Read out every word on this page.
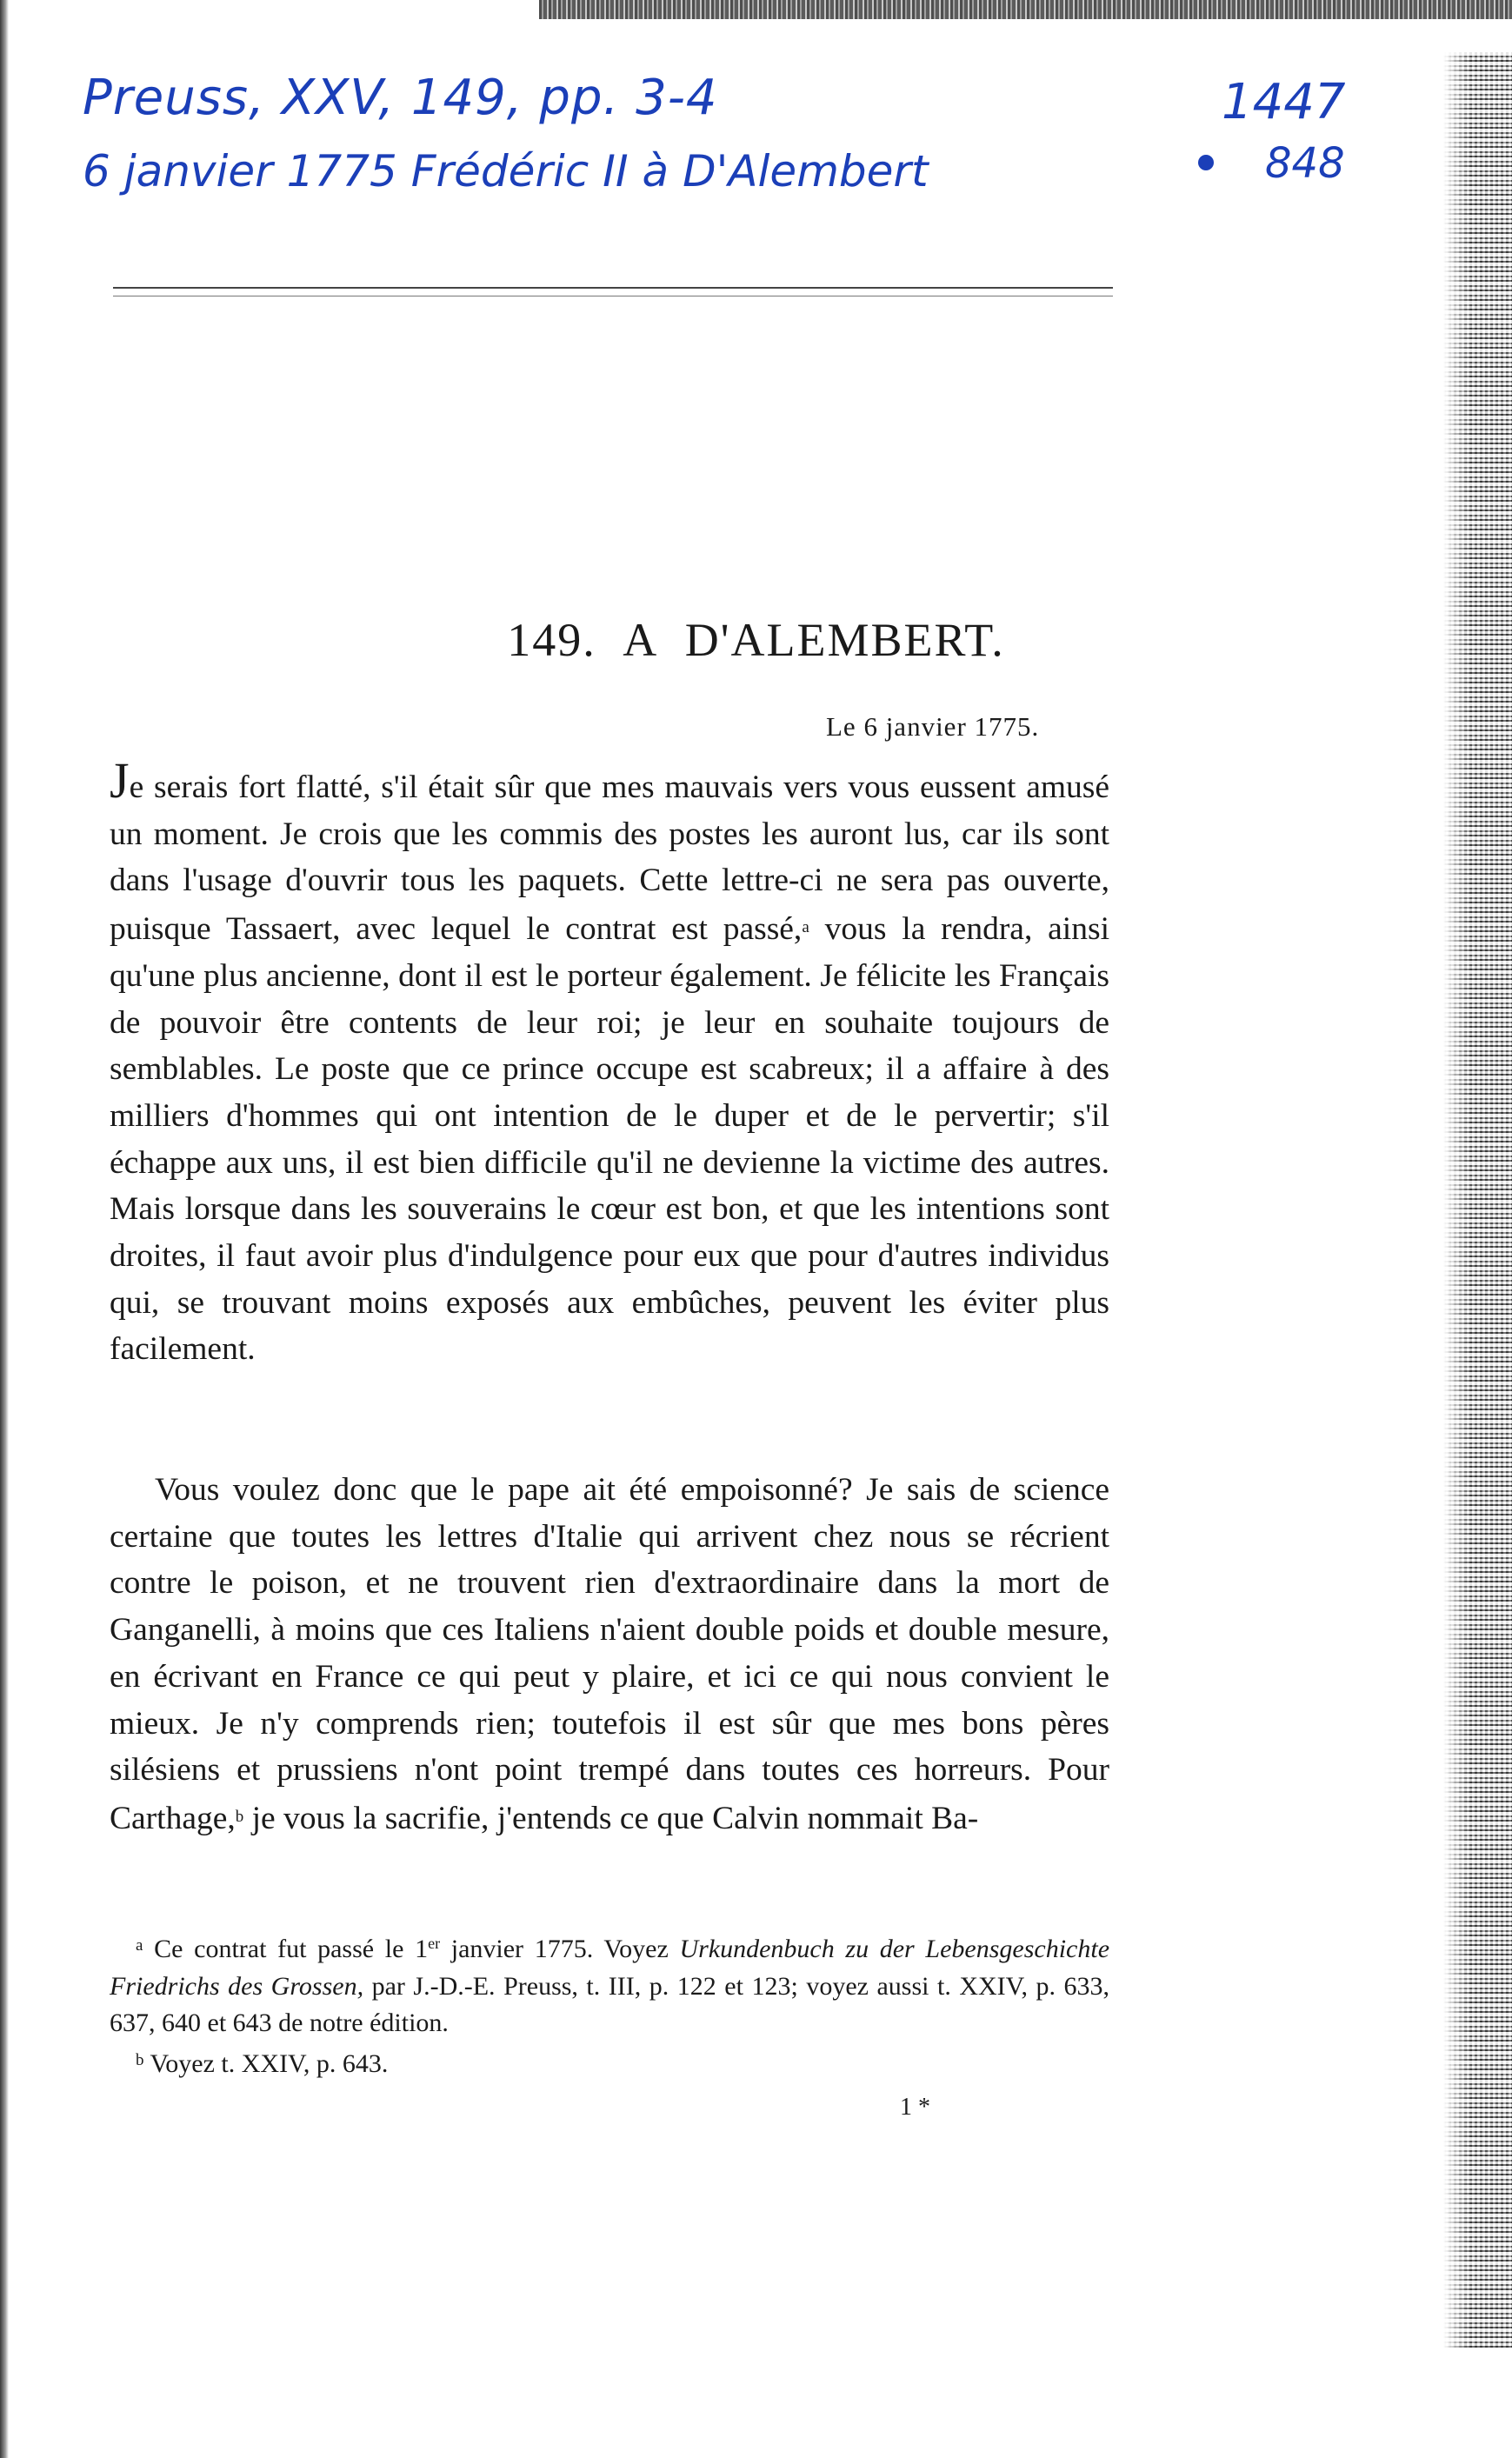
Preuss, XXV, 149, pp. 3-4
6 janvier 1775 Frédéric II à D'Alembert
1447
848
149. A D'ALEMBERT.
Le 6 janvier 1775.
Je serais fort flatté, s'il était sûr que mes mauvais vers vous eussent amusé un moment. Je crois que les commis des postes les auront lus, car ils sont dans l'usage d'ouvrir tous les paquets. Cette lettre-ci ne sera pas ouverte, puisque Tassaert, avec lequel le contrat est passé,$^a$ vous la rendra, ainsi qu'une plus ancienne, dont il est le porteur également. Je félicite les Français de pouvoir être contents de leur roi; je leur en souhaite toujours de semblables. Le poste que ce prince occupe est scabreux; il a affaire à des milliers d'hommes qui ont intention de le duper et de le pervertir; s'il échappe aux uns, il est bien difficile qu'il ne devienne la victime des autres. Mais lorsque dans les souverains le cœur est bon, et que les intentions sont droites, il faut avoir plus d'indulgence pour eux que pour d'autres individus qui, se trouvant moins exposés aux embûches, peuvent les éviter plus facilement.
Vous voulez donc que le pape ait été empoisonné? Je sais de science certaine que toutes les lettres d'Italie qui arrivent chez nous se récrient contre le poison, et ne trouvent rien d'extraordinaire dans la mort de Ganganelli, à moins que ces Italiens n'aient double poids et double mesure, en écrivant en France ce qui peut y plaire, et ici ce qui nous convient le mieux. Je n'y comprends rien; toutefois il est sûr que mes bons pères silésiens et prussiens n'ont point trempé dans toutes ces horreurs. Pour Carthage,$^b$ je vous la sacrifie, j'entends ce que Calvin nommait Ba-

$^a$ Ce contrat fut passé le 1er janvier 1775. Voyez Urkundenbuch zu der Lebensgeschichte Friedrichs des Grossen, par J.-D.-E. Preuss, t. III, p. 122 et 123; voyez aussi t. XXIV, p. 633, 637, 640 et 643 de notre édition.

$^b$ Voyez t. XXIV, p. 643.

1 *
